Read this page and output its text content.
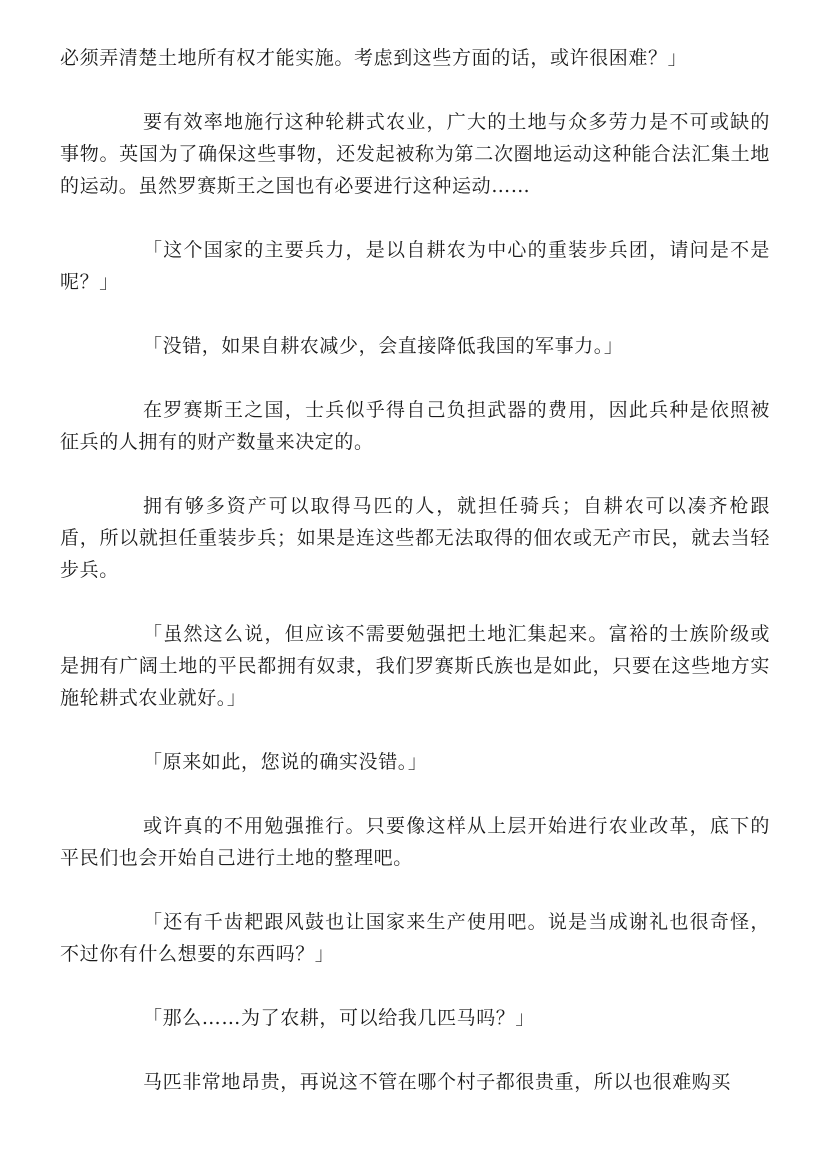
必须弄清楚土地所有权才能实施。考虑到这些方面的话，或许很困难？」

要有效率地施行这种轮耕式农业，广大的土地与众多劳力是不可或缺的事物。英国为了确保这些事物，还发起被称为第二次圈地运动这种能合法汇集土地的运动。虽然罗赛斯王之国也有必要进行这种运动……

「这个国家的主要兵力，是以自耕农为中心的重装步兵团，请问是不是呢？」

「没错，如果自耕农减少，会直接降低我国的军事力。」

在罗赛斯王之国，士兵似乎得自己负担武器的费用，因此兵种是依照被征兵的人拥有的财产数量来决定的。

拥有够多资产可以取得马匹的人，就担任骑兵；自耕农可以凑齐枪跟盾，所以就担任重装步兵；如果是连这些都无法取得的佃农或无产市民，就去当轻步兵。

「虽然这么说，但应该不需要勉强把土地汇集起来。富裕的士族阶级或是拥有广阔土地的平民都拥有奴隶，我们罗赛斯氏族也是如此，只要在这些地方实施轮耕式农业就好。」

「原来如此，您说的确实没错。」

或许真的不用勉强推行。只要像这样从上层开始进行农业改革，底下的平民们也会开始自己进行土地的整理吧。

「还有千齿耙跟风鼓也让国家来生产使用吧。说是当成谢礼也很奇怪，不过你有什么想要的东西吗？」

「那么……为了农耕，可以给我几匹马吗？」

马匹非常地昂贵，再说这不管在哪个村子都很贵重，所以也很难购买
